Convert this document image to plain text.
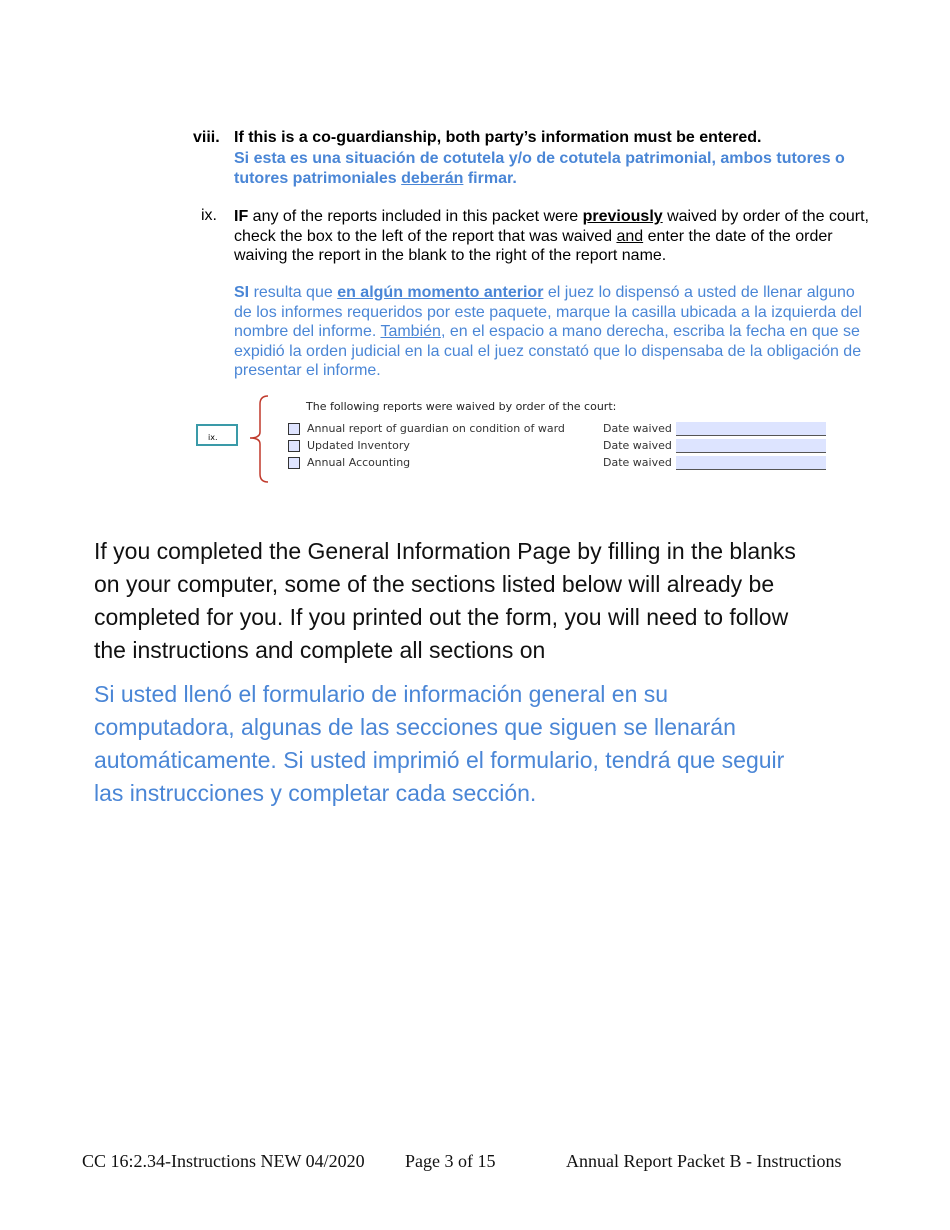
viii. If this is a co-guardianship, both party’s information must be entered.
Si esta es una situación de cotutela y/o de cotutela patrimonial, ambos tutores o tutores patrimoniales deberán firmar.
ix. IF any of the reports included in this packet were previously waived by order of the court, check the box to the left of the report that was waived and enter the date of the order waiving the report in the blank to the right of the report name.
SI resulta que en algún momento anterior el juez lo dispensó a usted de llenar alguno de los informes requeridos por este paquete, marque la casilla ubicada a la izquierda del nombre del informe. También, en el espacio a mano derecha, escriba la fecha en que se expidió la orden judicial en la cual el juez constató que lo dispensaba de la obligación de presentar el informe.
ix.
The following reports were waived by order of the court:
Annual report of guardian on condition of ward	Date waived
Updated Inventory	Date waived
Annual Accounting	Date waived
If you completed the General Information Page by filling in the blanks on your computer, some of the sections listed below will already be completed for you. If you printed out the form, you will need to follow the instructions and complete all sections on
Si usted llenó el formulario de información general en su computadora, algunas de las secciones que siguen se llenarán automáticamente. Si usted imprimió el formulario, tendrá que seguir las instrucciones y completar cada sección.
CC 16:2.34-Instructions NEW 04/2020 Page 3 of 15	Annual Report Packet B - Instructions
